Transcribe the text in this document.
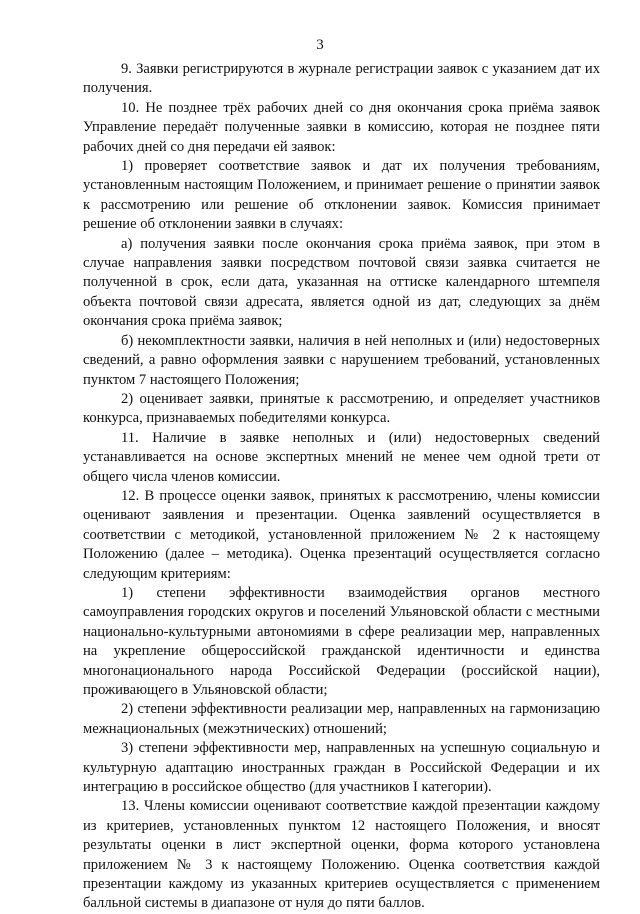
3

9. Заявки регистрируются в журнале регистрации заявок с указанием дат их получения.

10. Не позднее трёх рабочих дней со дня окончания срока приёма заявок Управление передаёт полученные заявки в комиссию, которая не позднее пяти рабочих дней со дня передачи ей заявок:

1) проверяет соответствие заявок и дат их получения требованиям, установленным настоящим Положением, и принимает решение о принятии заявок к рассмотрению или решение об отклонении заявок. Комиссия принимает решение об отклонении заявки в случаях:

а) получения заявки после окончания срока приёма заявок, при этом в случае направления заявки посредством почтовой связи заявка считается не полученной в срок, если дата, указанная на оттиске календарного штемпеля объекта почтовой связи адресата, является одной из дат, следующих за днём окончания срока приёма заявок;

б) некомплектности заявки, наличия в ней неполных и (или) недостоверных сведений, а равно оформления заявки с нарушением требований, установленных пунктом 7 настоящего Положения;

2) оценивает заявки, принятые к рассмотрению, и определяет участников конкурса, признаваемых победителями конкурса.

11. Наличие в заявке неполных и (или) недостоверных сведений устанавливается на основе экспертных мнений не менее чем одной трети от общего числа членов комиссии.

12. В процессе оценки заявок, принятых к рассмотрению, члены комиссии оценивают заявления и презентации. Оценка заявлений осуществляется в соответствии с методикой, установленной приложением № 2 к настоящему Положению (далее – методика). Оценка презентаций осуществляется согласно следующим критериям:

1) степени эффективности взаимодействия органов местного самоуправления городских округов и поселений Ульяновской области с местными национально-культурными автономиями в сфере реализации мер, направленных на укрепление общероссийской гражданской идентичности и единства многонационального народа Российской Федерации (российской нации), проживающего в Ульяновской области;

2) степени эффективности реализации мер, направленных на гармонизацию межнациональных (межэтнических) отношений;

3) степени эффективности мер, направленных на успешную социальную и культурную адаптацию иностранных граждан в Российской Федерации и их интеграцию в российское общество (для участников I категории).

13. Члены комиссии оценивают соответствие каждой презентации каждому из критериев, установленных пунктом 12 настоящего Положения, и вносят результаты оценки в лист экспертной оценки, форма которого установлена приложением № 3 к настоящему Положению. Оценка соответствия каждой презентации каждому из указанных критериев осуществляется с применением балльной системы в диапазоне от нуля до пяти баллов.
